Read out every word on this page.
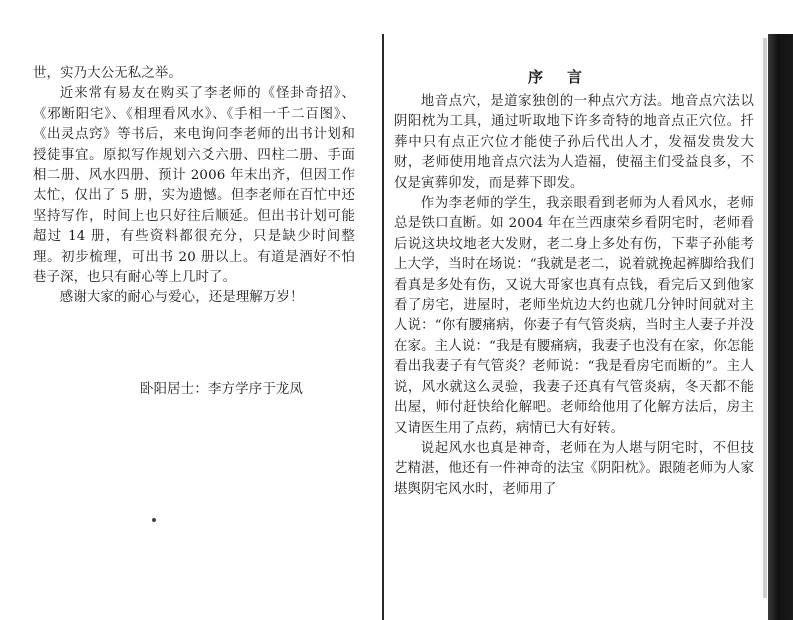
世，实乃大公无私之举。

近来常有易友在购买了李老师的《怪卦奇招》、《邪断阳宅》、《相理看风水》、《手相一千二百图》、《出灵点窍》等书后，来电询问李老师的出书计划和授徒事宜。原拟写作规划六爻六册、四柱二册、手面相二册、风水四册、预计 2006 年末出齐，但因工作太忙，仅出了 5 册，实为遗憾。但李老师在百忙中还坚持写作，时间上也只好往后顺延。但出书计划可能超过 14 册，有些资料都很充分，只是缺少时间整理。初步梳理，可出书 20 册以上。有道是酒好不怕巷子深，也只有耐心等上几时了。

感谢大家的耐心与爱心，还是理解万岁！

卧阳居士：李方学序于龙凤
序言

地音点穴，是道家独创的一种点穴方法。地音点穴法以阴阳枕为工具，通过听取地下许多奇特的地音点正穴位。扦葬中只有点正穴位才能使子孙后代出人才，发福发贵发大财，老师使用地音点穴法为人造福，使福主们受益良多，不仅是寅葬卯发，而是葬下即发。

作为李老师的学生，我亲眼看到老师为人看风水，老师总是铁口直断。如 2004 年在兰西康荣乡看阴宅时，老师看后说这块坟地老大发财，老二身上多处有伤，下辈子孙能考上大学，当时在场说：“我就是老二，说着就挽起裤脚给我们看真是多处有伤，又说大哥家也真有点钱，看完后又到他家看了房宅，进屋时，老师坐炕边大约也就几分钟时间就对主人说：“你有腰痛病，你妻子有气管炎病，当时主人妻子并没在家。主人说：“我是有腰痛病，我妻子也没有在家，你怎能看出我妻子有气管炎？老师说：“我是看房宅而断的”。主人说，风水就这么灵验，我妻子还真有气管炎病，冬天都不能出屋，师付赶快给化解吧。老师给他用了化解方法后，房主又请医生用了点药，病情已大有好转。

说起风水也真是神奇，老师在为人堪与阴宅时，不但技艺精湛，他还有一件神奇的法宝《阴阳枕》。跟随老师为人家堪舆阴宅风水时，老师用了
